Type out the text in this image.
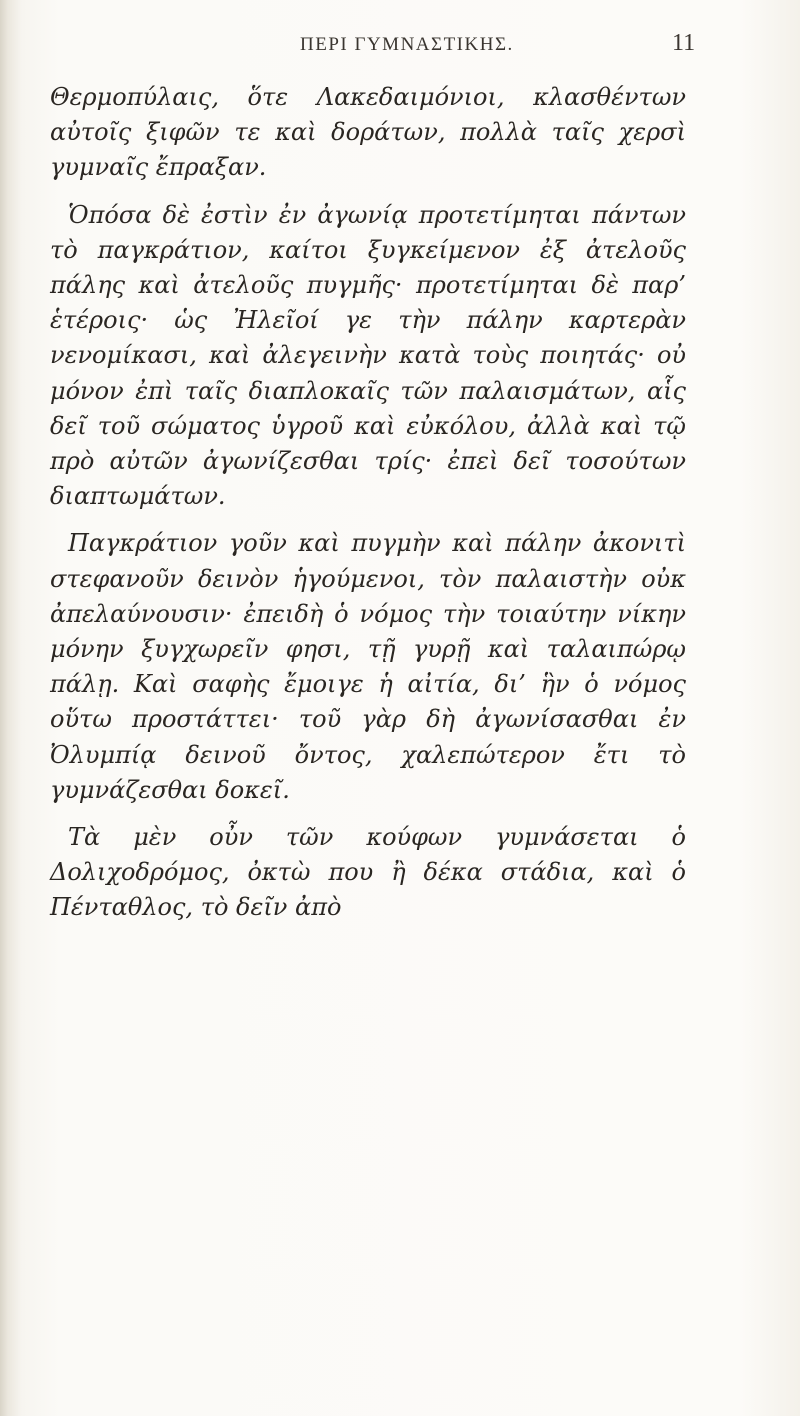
ΠΕΡΙ ΓΥΜΝΑΣΤΙΚΗΣ.	11

Θερμοπύλαις, ὅτε Λακεδαιμόνιοι, κλασθέντων αὐτοῖς ξιφῶν τε καὶ δοράτων, πολλὰ ταῖς χερσὶ γυμναῖς ἔπραξαν.

Ὁπόσα δὲ ἐστὶν ἐν ἀγωνίᾳ προτετίμηται πάντων τὸ παγκράτιον, καίτοι ξυγκείμενον ἐξ ἀτελοῦς πάλης καὶ ἀτελοῦς πυγμῆς· προτετίμηται δὲ παρ’ ἑτέροις· ὡς Ἠλεῖοί γε τὴν πάλην καρτερὰν νενομίκασι, καὶ ἀλεγεινὴν κατὰ τοὺς ποιητάς· οὐ μόνον ἐπὶ ταῖς διαπλοκαῖς τῶν παλαισμάτων, αἷς δεῖ τοῦ σώματος ὑγροῦ καὶ εὐκόλου, ἀλλὰ καὶ τῷ πρὸ αὐτῶν ἀγωνίζεσθαι τρίς· ἐπεὶ δεῖ τοσούτων διαπτωμάτων.

Παγκράτιον γοῦν καὶ πυγμὴν καὶ πάλην ἀκονιτὶ στεφανοῦν δεινὸν ἡγούμενοι, τὸν παλαιστὴν οὐκ ἀπελαύνουσιν· ἐπειδὴ ὁ νόμος τὴν τοιαύτην νίκην μόνην ξυγχωρεῖν φησι, τῇ γυρῇ καὶ ταλαιπώρῳ πάλῃ. Καὶ σαφὴς ἔμοιγε ἡ αἰτία, δι’ ἣν ὁ νόμος οὕτω προστάττει· τοῦ γὰρ δὴ ἀγωνίσασθαι ἐν Ὀλυμπίᾳ δεινοῦ ὄντος, χαλεπώτερον ἔτι τὸ γυμνάζεσθαι δοκεῖ.

Τὰ μὲν οὖν τῶν κούφων γυμνάσεται ὁ Δολιχοδρόμος, ὀκτὼ που ἢ δέκα στάδια, καὶ ὁ Πένταθλος, τὸ δεῖν ἀπὸ
